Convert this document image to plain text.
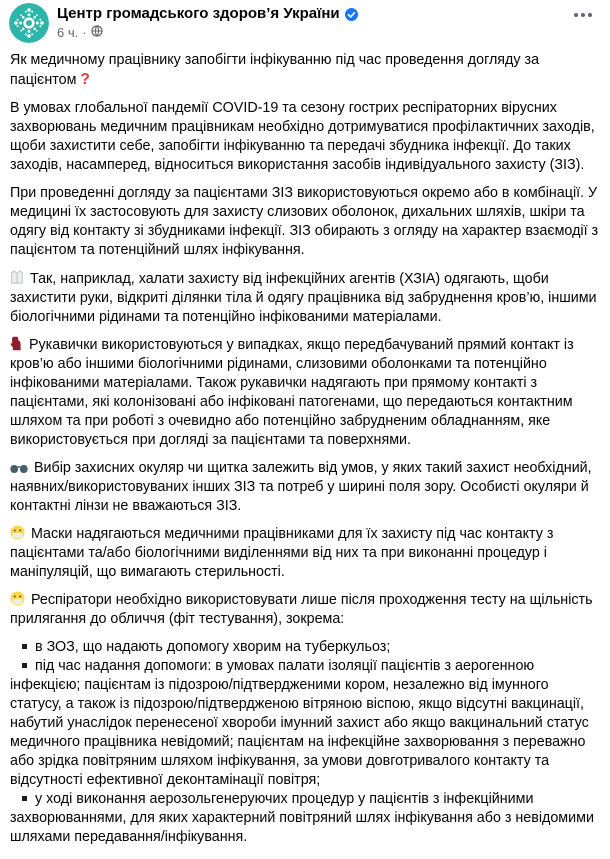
Центр громадського здоров’я України
6 ч. ·
Як медичному працівнику запобігти інфікуванню під час проведення догляду за пацієнтом ?
В умовах глобальної пандемії COVID-19 та сезону гострих респіраторних вірусних захворювань медичним працівникам необхідно дотримуватися профілактичних заходів, щоби захистити себе, запобігти інфікуванню та передачі збудника інфекції. До таких заходів, насамперед, відноситься використання засобів індивідуального захисту (ЗІЗ).
При проведенні догляду за пацієнтами ЗІЗ використовуються окремо або в комбінації. У медицині їх застосовують для захисту слизових оболонок, дихальних шляхів, шкіри та одягу від контакту зі збудниками інфекції. ЗІЗ обирають з огляду на характер взаємодії з пацієнтом та потенційний шлях інфікування.
Так, наприклад, халати захисту від інфекційних агентів (ХЗІА) одягають, щоби захистити руки, відкриті ділянки тіла й одягу працівника від забруднення кров’ю, іншими біологічними рідинами та потенційно інфікованими матеріалами.
Рукавички використовуються у випадках, якщо передбачуваний прямий контакт із кров’ю або іншими біологічними рідинами, слизовими оболонками та потенційно інфікованими матеріалами. Також рукавички надягають при прямому контакті з пацієнтами, які колонізовані або інфіковані патогенами, що передаються контактним шляхом та при роботі з очевидно або потенційно забрудненим обладнанням, яке використовується при догляді за пацієнтами та поверхнями.
Вибір захисних окуляр чи щитка залежить від умов, у яких такий захист необхідний, наявних/використовуваних інших ЗІЗ та потреб у ширині поля зору. Особисті окуляри й контактні лінзи не вважаються ЗІЗ.
Маски надягаються медичними працівниками для їх захисту під час контакту з пацієнтами та/або біологічними виділеннями від них та при виконанні процедур і маніпуляцій, що вимагають стерильності.
Респіратори необхідно використовувати лише після проходження тесту на щільність прилягання до обличчя (фіт тестування), зокрема:
в ЗОЗ, що надають допомогу хворим на туберкульоз;
під час надання допомоги: в умовах палати ізоляції пацієнтів з аерогенною інфекцією; пацієнтам із підозрою/підтвердженими кором, незалежно від імунного статусу, а також із підозрою/підтвердженою вітряною віспою, якщо відсутні вакцинації, набутий унаслідок перенесеної хвороби імунний захист або якщо вакцинальний статус медичного працівника невідомий; пацієнтам на інфекційне захворювання з переважно або зрідка повітряним шляхом інфікування, за умови довготривалого контакту та відсутності ефективної деконтамінації повітря;
у ході виконання аерозольгенеруючих процедур у пацієнтів з інфекційними захворюваннями, для яких характерний повітряний шлях інфікування або з невідомими шляхами передавання/інфікування.
